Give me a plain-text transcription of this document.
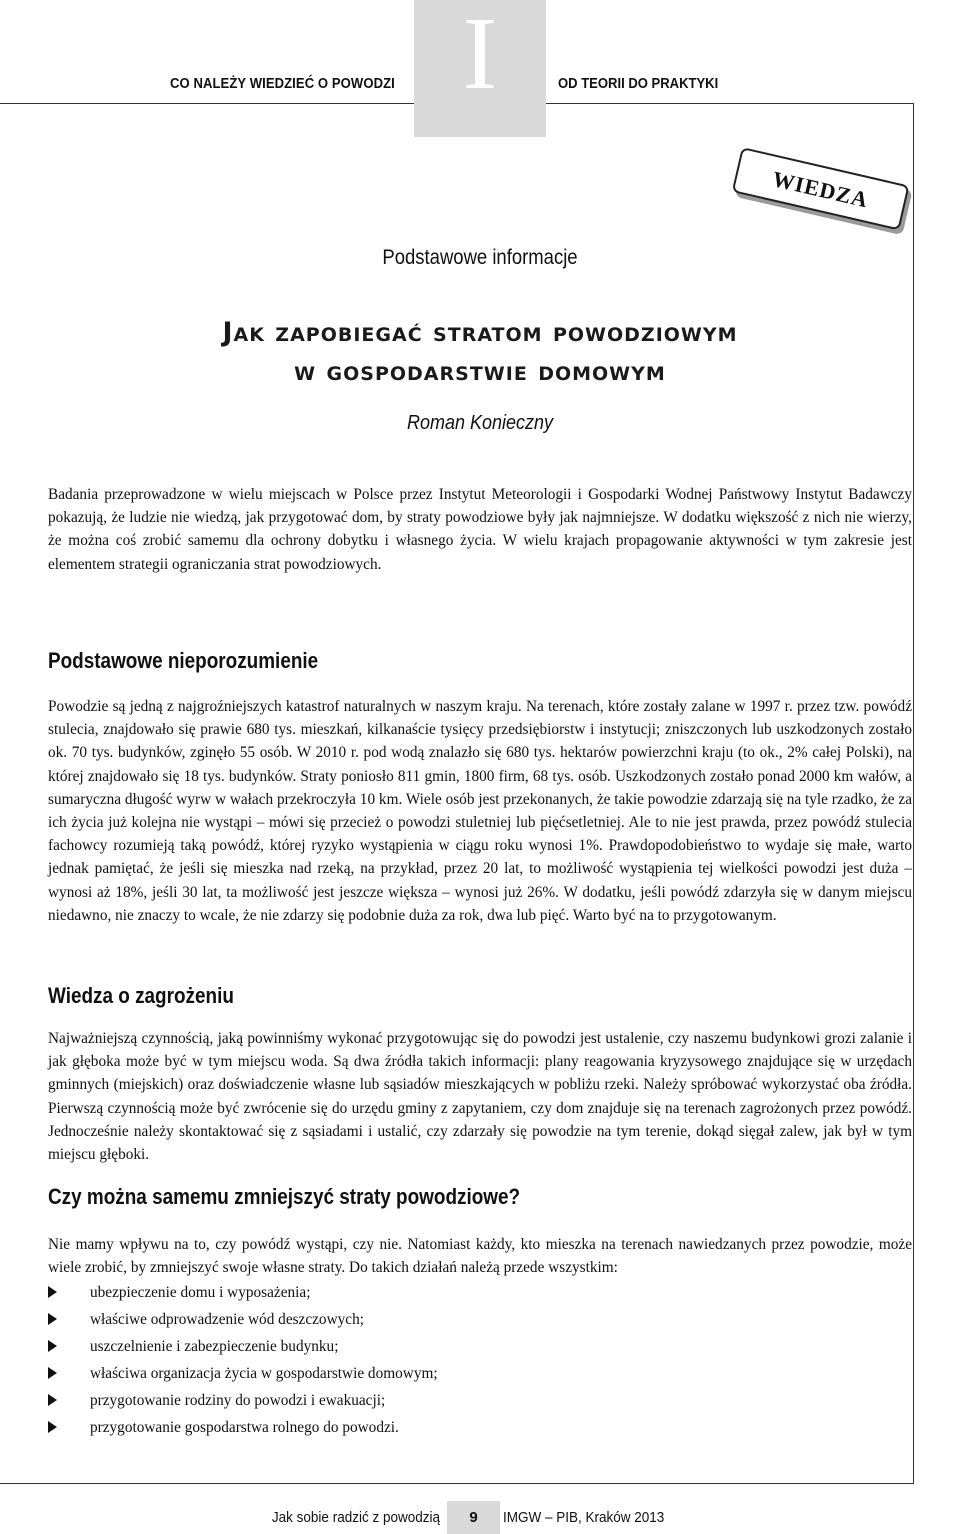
CO NALEŻY WIEDZIEĆ O POWODZI I	OD TEORII DO PRAKTYKI
WIEDZA
Podstawowe informacje
Jak zapobiegać stratom powodziowym
w gospodarstwie domowym
Roman Konieczny
Badania przeprowadzone w wielu miejscach w Polsce przez Instytut Meteorologii i Gospodarki Wodnej Państwowy Instytut Badawczy pokazują, że ludzie nie wiedzą, jak przygotować dom, by straty powodziowe były jak najmniejsze. W dodatku większość z nich nie wierzy, że można coś zrobić samemu dla ochrony dobytku i własnego życia. W wielu krajach propagowanie aktywności w tym zakresie jest elementem strategii ograniczania strat powodziowych.
Podstawowe nieporozumienie
Powodzie są jedną z najgroźniejszych katastrof naturalnych w naszym kraju. Na terenach, które zostały zalane w 1997 r. przez tzw. powódź stulecia, znajdowało się prawie 680 tys. mieszkań, kilkanaście tysięcy przedsiębiorstw i instytucji; zniszczonych lub uszkodzonych zostało ok. 70 tys. budynków, zginęło 55 osób. W 2010 r. pod wodą znalazło się 680 tys. hektarów powierzchni kraju (to ok., 2% całej Polski), na której znajdowało się 18 tys. budynków. Straty poniosło 811 gmin, 1800 firm, 68 tys. osób. Uszkodzonych zostało ponad 2000 km wałów, a sumaryczna długość wyrw w wałach przekroczyła 10 km. Wiele osób jest przekonanych, że takie powodzie zdarzają się na tyle rzadko, że za ich życia już kolejna nie wystąpi – mówi się przecież o powodzi stuletniej lub pięćsetletniej. Ale to nie jest prawda, przez powódź stulecia fachowcy rozumieją taką powódź, której ryzyko wystąpienia w ciągu roku wynosi 1%. Prawdopodobieństwo to wydaje się małe, warto jednak pamiętać, że jeśli się mieszka nad rzeką, na przykład, przez 20 lat, to możliwość wystąpienia tej wielkości powodzi jest duża – wynosi aż 18%, jeśli 30 lat, ta możliwość jest jeszcze większa – wynosi już 26%. W dodatku, jeśli powódź zdarzyła się w danym miejscu niedawno, nie znaczy to wcale, że nie zdarzy się podobnie duża za rok, dwa lub pięć. Warto być na to przygotowanym.
Wiedza o zagrożeniu
Najważniejszą czynnością, jaką powinniśmy wykonać przygotowując się do powodzi jest ustalenie, czy naszemu budynkowi grozi zalanie i jak głęboka może być w tym miejscu woda. Są dwa źródła takich informacji: plany reagowania kryzysowego znajdujące się w urzędach gminnych (miejskich) oraz doświadczenie własne lub sąsiadów mieszkających w pobliżu rzeki. Należy spróbować wykorzystać oba źródła. Pierwszą czynnością może być zwrócenie się do urzędu gminy z zapytaniem, czy dom znajduje się na terenach zagrożonych przez powódź. Jednocześnie należy skontaktować się z sąsiadami i ustalić, czy zdarzały się powodzie na tym terenie, dokąd sięgał zalew, jak był w tym miejscu głęboki.
Czy można samemu zmniejszyć straty powodziowe?
Nie mamy wpływu na to, czy powódź wystąpi, czy nie. Natomiast każdy, kto mieszka na terenach nawiedzanych przez powodzie, może wiele zrobić, by zmniejszyć swoje własne straty. Do takich działań należą przede wszystkim:
ubezpieczenie domu i wyposażenia;
właściwe odprowadzenie wód deszczowych;
uszczelnienie i zabezpieczenie budynku;
właściwa organizacja życia w gospodarstwie domowym;
przygotowanie rodziny do powodzi i ewakuacji;
przygotowanie gospodarstwa rolnego do powodzi.
Jak sobie radzić z powodzią	9	IMGW – PIB, Kraków 2013
